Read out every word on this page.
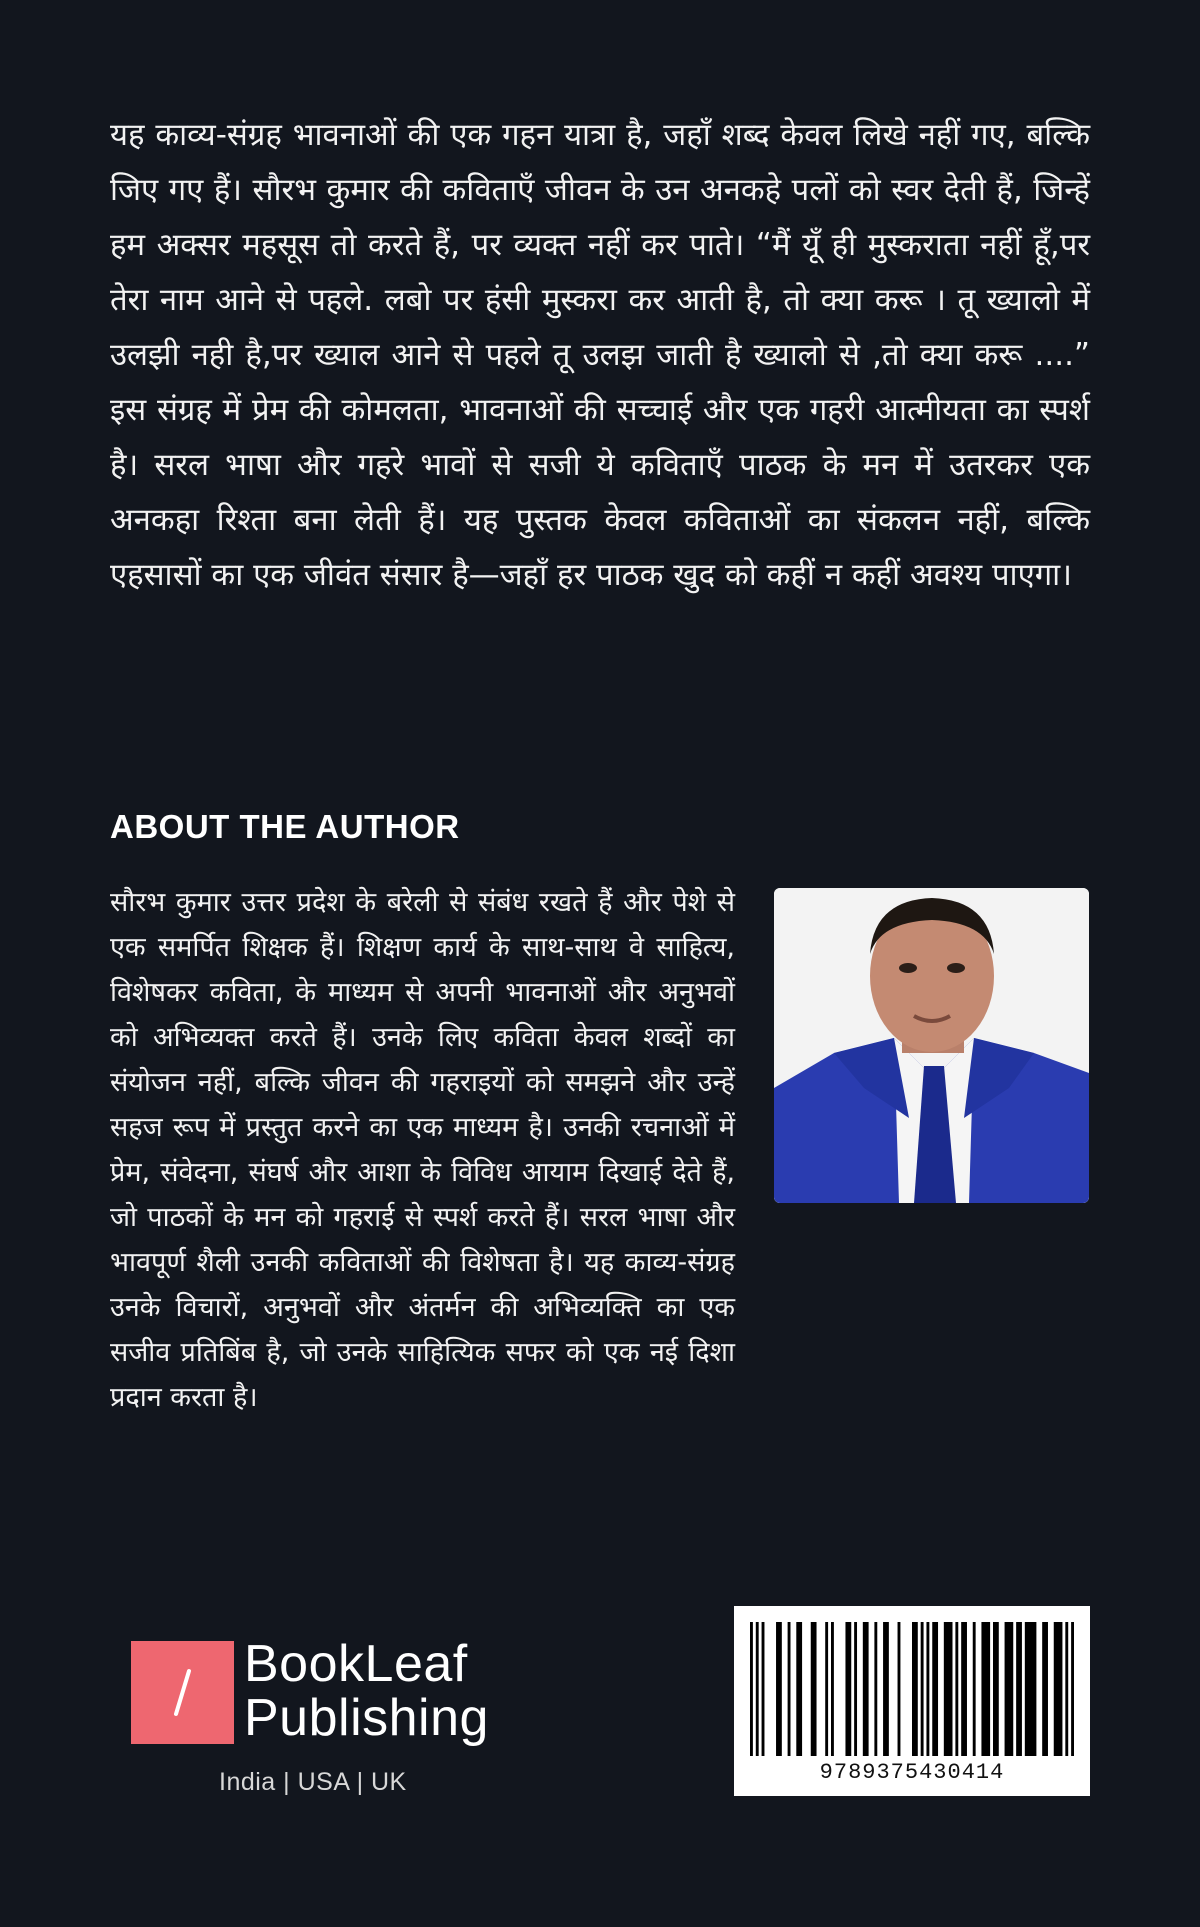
यह काव्य-संग्रह भावनाओं की एक गहन यात्रा है, जहाँ शब्द केवल लिखे नहीं गए, बल्कि जिए गए हैं। सौरभ कुमार की कविताएँ जीवन के उन अनकहे पलों को स्वर देती हैं, जिन्हें हम अक्सर महसूस तो करते हैं, पर व्यक्त नहीं कर पाते। “मैं यूँ ही मुस्कराता नहीं हूँ,पर तेरा नाम आने से पहले. लबो पर हंसी मुस्करा कर आती है, तो क्या करू । तू ख्यालो में उलझी नही है,पर ख्याल आने से पहले तू उलझ जाती है ख्यालो से ,तो क्या करू ....” इस संग्रह में प्रेम की कोमलता, भावनाओं की सच्चाई और एक गहरी आत्मीयता का स्पर्श है। सरल भाषा और गहरे भावों से सजी ये कविताएँ पाठक के मन में उतरकर एक अनकहा रिश्ता बना लेती हैं। यह पुस्तक केवल कविताओं का संकलन नहीं, बल्कि एहसासों का एक जीवंत संसार है—जहाँ हर पाठक खुद को कहीं न कहीं अवश्य पाएगा।

ABOUT THE AUTHOR

सौरभ कुमार उत्तर प्रदेश के बरेली से संबंध रखते हैं और पेशे से एक समर्पित शिक्षक हैं। शिक्षण कार्य के साथ-साथ वे साहित्य, विशेषकर कविता, के माध्यम से अपनी भावनाओं और अनुभवों को अभिव्यक्त करते हैं। उनके लिए कविता केवल शब्दों का संयोजन नहीं, बल्कि जीवन की गहराइयों को समझने और उन्हें सहज रूप में प्रस्तुत करने का एक माध्यम है। उनकी रचनाओं में प्रेम, संवेदना, संघर्ष और आशा के विविध आयाम दिखाई देते हैं, जो पाठकों के मन को गहराई से स्पर्श करते हैं। सरल भाषा और भावपूर्ण शैली उनकी कविताओं की विशेषता है। यह काव्य-संग्रह उनके विचारों, अनुभवों और अंतर्मन की अभिव्यक्ति का एक सजीव प्रतिबिंब है, जो उनके साहित्यिक सफर को एक नई दिशा प्रदान करता है।

BookLeaf
Publishing
India | USA | UK	9789375430414
